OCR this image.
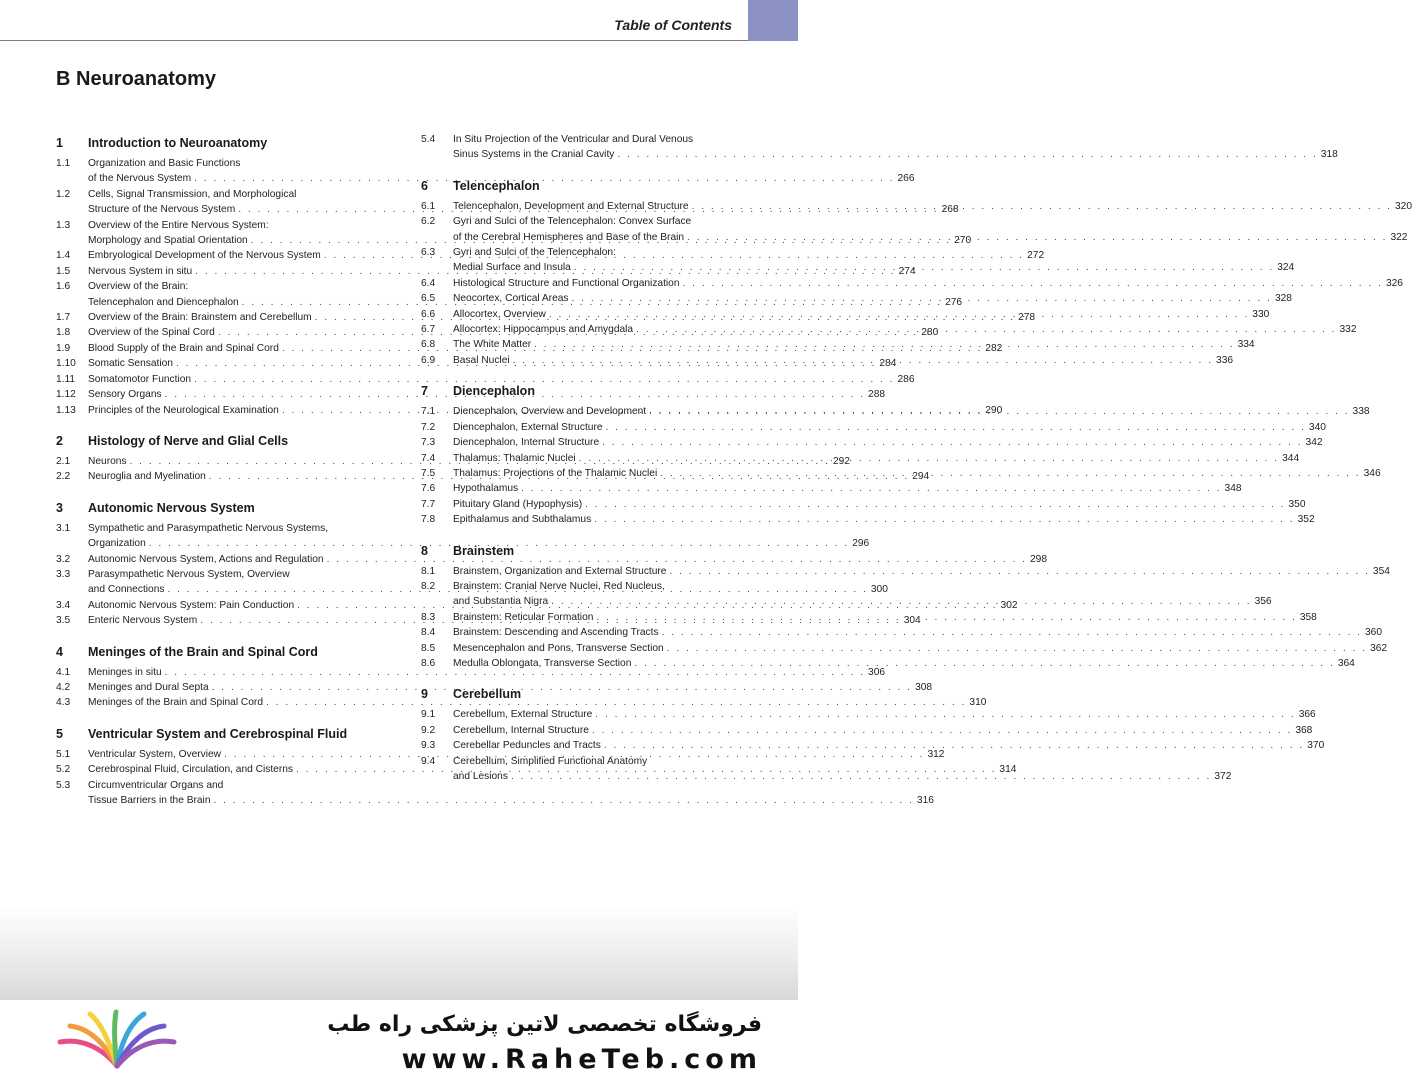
Table of Contents
B Neuroanatomy
1	Introduction to Neuroanatomy
1.1	Organization and Basic Functions
of the Nervous System . . .	266
1.2	Cells, Signal Transmission, and Morphological
Structure of the Nervous System . . .	268
1.3	Overview of the Entire Nervous System:
Morphology and Spatial Orientation . . .	270
1.4	Embryological Development of the Nervous System . . .	272
1.5	Nervous System in situ . . .	274
1.6	Overview of the Brain:
Telencephalon and Diencephalon . . .	276
1.7	Overview of the Brain: Brainstem and Cerebellum . . .	278
1.8	Overview of the Spinal Cord . . .	280
1.9	Blood Supply of the Brain and Spinal Cord . . .	282
1.10	Somatic Sensation . . .	284
1.11	Somatomotor Function . . .	286
1.12	Sensory Organs . . .	288
1.13	Principles of the Neurological Examination . . .	290
2	Histology of Nerve and Glial Cells
2.1	Neurons . . .	292
2.2	Neuroglia and Myelination . . .	294
3	Autonomic Nervous System
3.1	Sympathetic and Parasympathetic Nervous Systems,
Organization . . .	296
3.2	Autonomic Nervous System, Actions and Regulation . . .	298
3.3	Parasympathetic Nervous System, Overview
and Connections . . .	300
3.4	Autonomic Nervous System: Pain Conduction . . .	302
3.5	Enteric Nervous System . . .	304
4	Meninges of the Brain and Spinal Cord
4.1	Meninges in situ . . .	306
4.2	Meninges and Dural Septa . . .	308
4.3	Meninges of the Brain and Spinal Cord . . .	310
5	Ventricular System and Cerebrospinal Fluid
5.1	Ventricular System, Overview . . .	312
5.2	Cerebrospinal Fluid, Circulation, and Cisterns . . .	314
5.3	Circumventricular Organs and
Tissue Barriers in the Brain . . .	316
5.4	In Situ Projection of the Ventricular and Dural Venous
Sinus Systems in the Cranial Cavity . . .	318
6	Telencephalon
6.1	Telencephalon, Development and External Structure . . .	320
6.2	Gyri and Sulci of the Telencephalon: Convex Surface
of the Cerebral Hemispheres and Base of the Brain . . .	322
6.3	Gyri and Sulci of the Telencephalon:
Medial Surface and Insula . . .	324
6.4	Histological Structure and Functional Organization . . .	326
6.5	Neocortex, Cortical Areas . . .	328
6.6	Allocortex, Overview . . .	330
6.7	Allocortex: Hippocampus and Amygdala . . .	332
6.8	The White Matter . . .	334
6.9	Basal Nuclei . . .	336
7	Diencephalon
7.1	Diencephalon, Overview and Development . . .	338
7.2	Diencephalon, External Structure . . .	340
7.3	Diencephalon, Internal Structure . . .	342
7.4	Thalamus: Thalamic Nuclei . . .	344
7.5	Thalamus: Projections of the Thalamic Nuclei . . .	346
7.6	Hypothalamus . . .	348
7.7	Pituitary Gland (Hypophysis) . . .	350
7.8	Epithalamus and Subthalamus . . .	352
8	Brainstem
8.1	Brainstem, Organization and External Structure . . .	354
8.2	Brainstem: Cranial Nerve Nuclei, Red Nucleus,
and Substantia Nigra . . .	356
8.3	Brainstem: Reticular Formation . . .	358
8.4	Brainstem: Descending and Ascending Tracts . . .	360
8.5	Mesencephalon and Pons, Transverse Section . . .	362
8.6	Medulla Oblongata, Transverse Section . . .	364
9	Cerebellum
9.1	Cerebellum, External Structure . . .	366
9.2	Cerebellum, Internal Structure . . .	368
9.3	Cerebellar Peduncles and Tracts . . .	370
9.4	Cerebellum, Simplified Functional Anatomy
and Lesions . . .	372
فروشگاه تخصصی لاتین پزشکی راه طب
www.RaheTeb.com
